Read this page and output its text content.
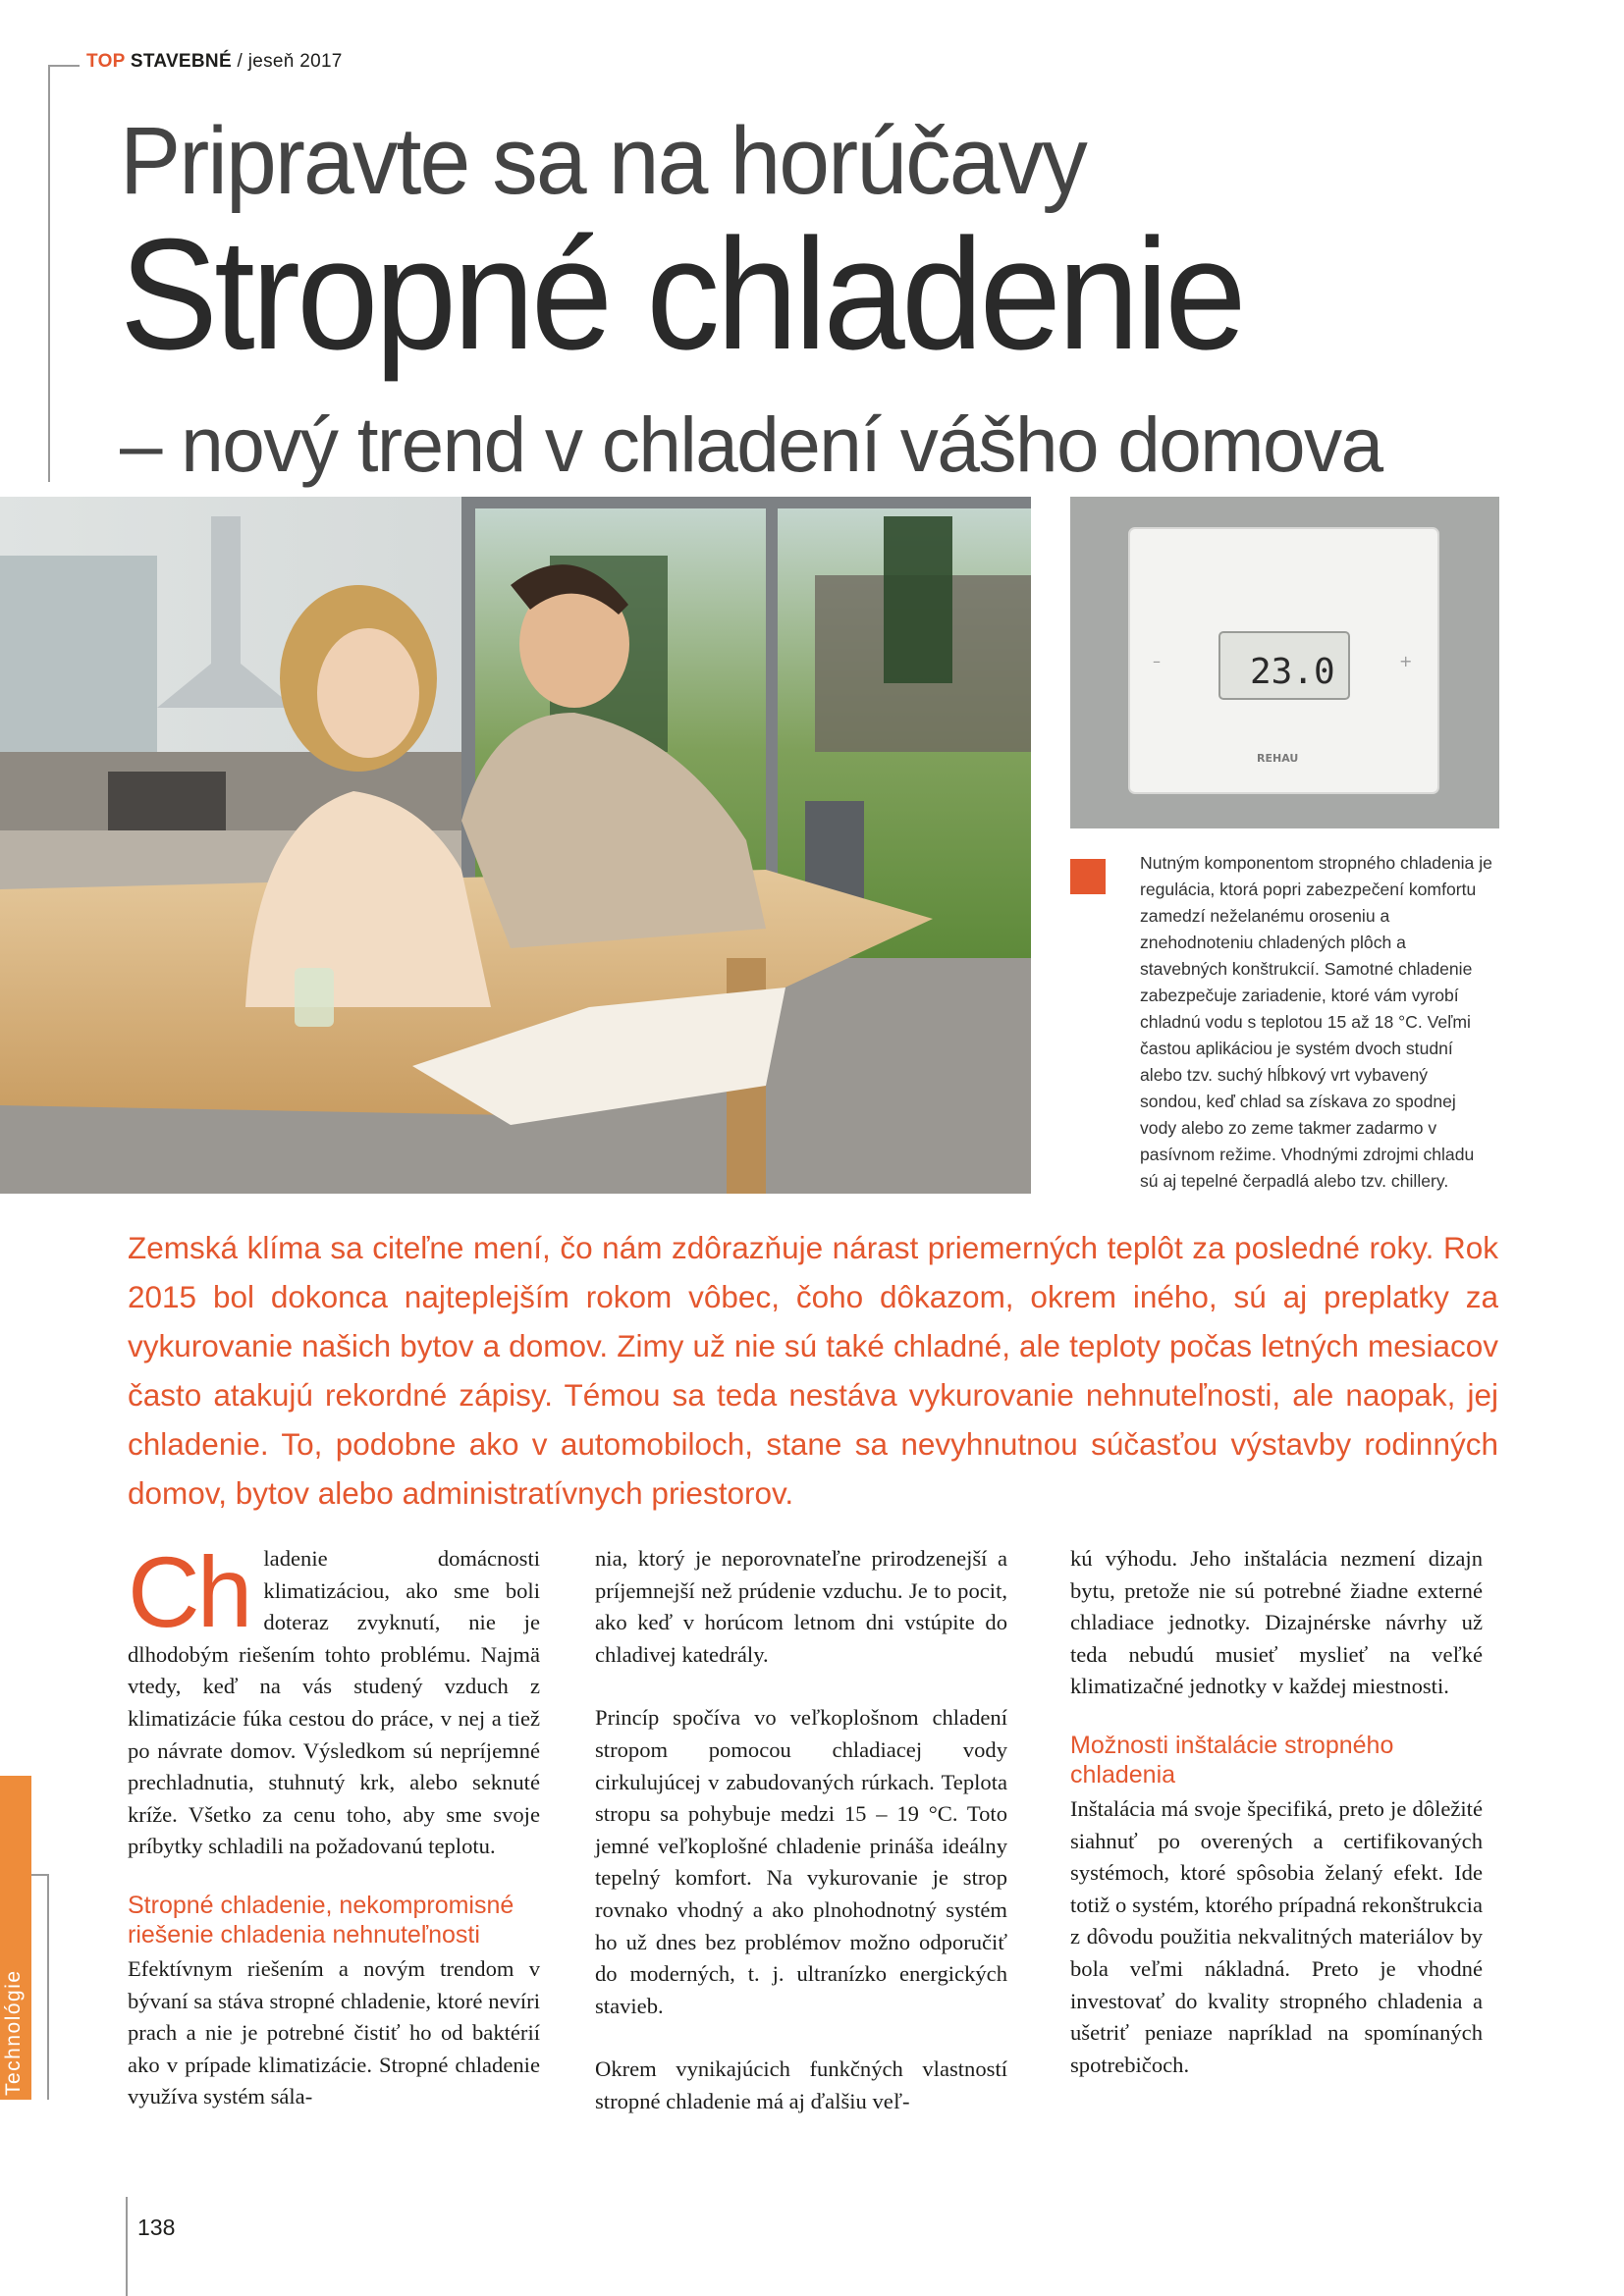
TOP STAVEBNÉ / jeseň 2017
Pripravte sa na horúčavy
Stropné chladenie
– nový trend v chladení vášho domova
–	+
23.0
REHAU
Nutným komponentom stropného chladenia je regulácia, ktorá popri zabezpečení komfortu zamedzí neželanému oroseniu a znehodnoteniu chladených plôch a stavebných konštrukcií. Samotné chladenie zabezpečuje zariadenie, ktoré vám vyrobí chladnú vodu s teplotou 15 až 18 °C. Veľmi častou aplikáciou je systém dvoch studní alebo tzv. suchý hĺbkový vrt vybavený sondou, keď chlad sa získava zo spodnej vody alebo zo zeme takmer zadarmo v pasívnom režime. Vhodnými zdrojmi chladu sú aj tepelné čerpadlá alebo tzv. chillery.
Zemská klíma sa citeľne mení, čo nám zdôrazňuje nárast priemerných teplôt za posledné roky. Rok 2015 bol dokonca najteplejším rokom vôbec, čoho dôkazom, okrem iného, sú aj preplatky za vykurovanie našich bytov a domov. Zimy už nie sú také chladné, ale teploty počas letných mesiacov často atakujú rekordné zápisy. Témou sa teda nestáva vykurovanie nehnuteľnosti, ale naopak, jej chladenie. To, podobne ako v automobiloch, stane sa nevyhnutnou súčasťou výstavby rodinných domov, bytov alebo administratívnych priestorov.

Ch ladenie domácnosti klimatizáciou, ako sme boli doteraz zvyknutí, nie je dlhodobým riešením tohto problému. Najmä vtedy, keď na vás studený vzduch z klimatizácie fúka cestou do práce, v nej a tiež po návrate domov. Výsledkom sú nepríjemné prechladnutia, stuhnutý krk, alebo seknuté kríže. Všetko za cenu toho, aby sme svoje príbytky schladili na požadovanú teplotu.

Stropné chladenie, nekompromisné riešenie chladenia nehnuteľnosti

Efektívnym riešením a novým trendom v bývaní sa stáva stropné chladenie, ktoré nevíri prach a nie je potrebné čistiť ho od baktérií ako v prípade klimatizácie. Stropné chladenie využíva systém sála-

nia, ktorý je neporovnateľne prirodzenejší a príjemnejší než prúdenie vzduchu. Je to pocit, ako keď v horúcom letnom dni vstúpite do chladivej katedrály.

Princíp spočíva vo veľkoplošnom chladení stropom pomocou chladiacej vody cirkulujúcej v zabudovaných rúrkach. Teplota stropu sa pohybuje medzi 15 – 19 °C. Toto jemné veľkoplošné chladenie prináša ideálny tepelný komfort. Na vykurovanie je strop rovnako vhodný a ako plnohodnotný systém ho už dnes bez problémov možno odporučiť do moderných, t. j. ultranízko energických stavieb.

Okrem vynikajúcich funkčných vlastností stropné chladenie má aj ďalšiu veľ-

kú výhodu. Jeho inštalácia nezmení dizajn bytu, pretože nie sú potrebné žiadne externé chladiace jednotky. Dizajnérske návrhy už teda nebudú musieť myslieť na veľké klimatizačné jednotky v každej miestnosti.

Možnosti inštalácie stropného chladenia

Inštalácia má svoje špecifiká, preto je dôležité siahnuť po overených a certifikovaných systémoch, ktoré spôsobia želaný efekt. Ide totiž o systém, ktorého prípadná rekonštrukcia z dôvodu použitia nekvalitných materiálov by bola veľmi nákladná. Preto je vhodné investovať do kvality stropného chladenia a ušetriť peniaze napríklad na spomínaných spotrebičoch.

Technológie
138
